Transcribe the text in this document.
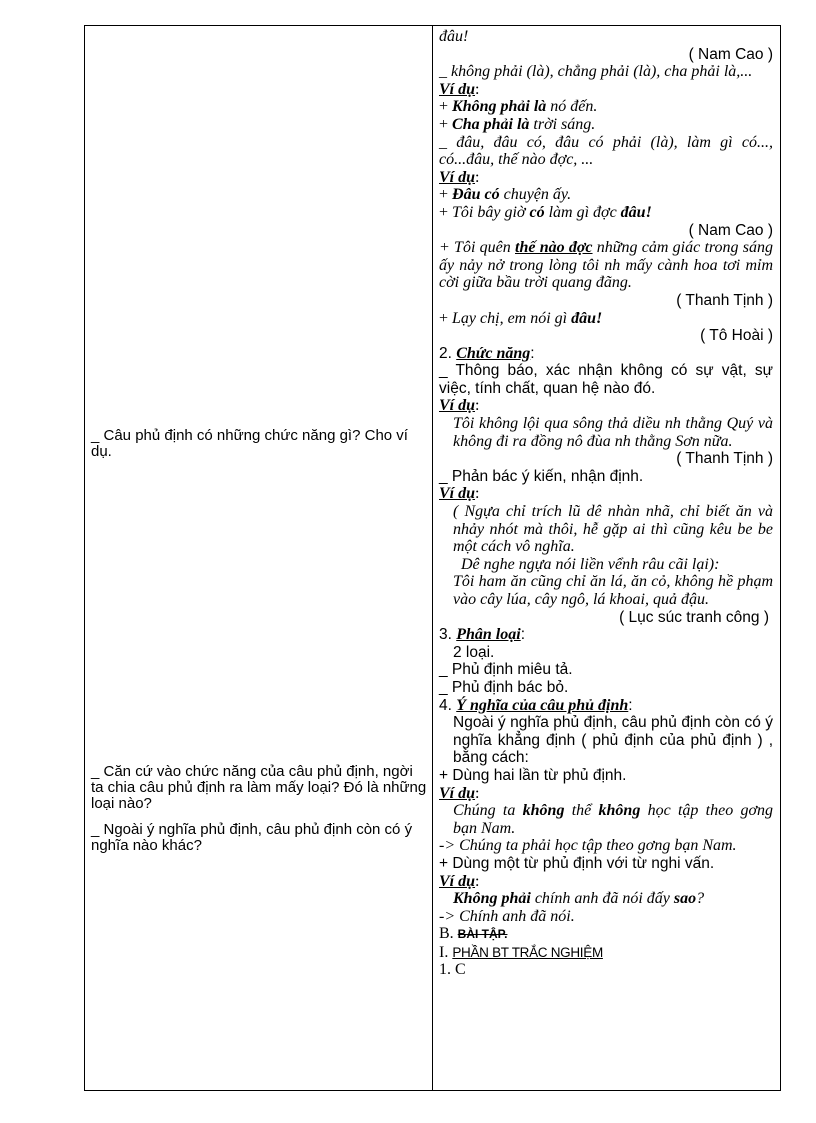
_ Câu phủ định có những chức năng gì? Cho ví dụ.
_ Căn cứ vào chức năng của câu phủ định, ngời ta chia câu phủ định ra làm mấy loại? Đó là những loại nào?
_ Ngoài ý nghĩa phủ định, câu phủ định còn có ý nghĩa nào khác?

đâu!

( Nam Cao )

_ không phải (là), chẳng phải (là), cha phải là,...

Ví dụ:

+ Không phải là nó đến.

+ Cha phải là trời sáng.

_ đâu, đâu có, đâu có phải (là), làm gì có..., có...đâu, thế nào đợc, ...

Ví dụ:

+ Đâu có chuyện ấy.

+ Tôi bây giờ có làm gì đợc đâu!

( Nam Cao )

+ Tôi quên thế nào đợc những cảm giác trong sáng ấy nảy nở trong lòng tôi nh mấy cành hoa tơi mỉm cời giữa bầu trời quang đãng.

( Thanh Tịnh )

+ Lạy chị, em nói gì đâu!

( Tô Hoài )

2. Chức năng:

_ Thông báo, xác nhận không có sự vật, sự việc, tính chất, quan hệ nào đó.

Ví dụ:

Tôi không lội qua sông thả diều nh thằng Quý và không đi ra đồng nô đùa nh thằng Sơn nữa.

( Thanh Tịnh )

_ Phản bác ý kiến, nhận định.

Ví dụ:

( Ngựa chỉ trích lũ dê nhàn nhã, chỉ biết ăn và nhảy nhót mà thôi, hễ gặp ai thì cũng kêu be be một cách vô nghĩa.

Dê nghe ngựa nói liền vểnh râu cãi lại):

Tôi ham ăn cũng chỉ ăn lá, ăn cỏ, không hề phạm vào cây lúa, cây ngô, lá khoai, quả đậu.

( Lục súc tranh công )

3. Phân loại:

2 loại.

_ Phủ định miêu tả.

_ Phủ định bác bỏ.

4. Ý nghĩa của câu phủ định:

Ngoài ý nghĩa phủ định, câu phủ định còn có ý nghĩa khẳng định ( phủ định của phủ định ) , bằng cách:

+ Dùng hai lần từ phủ định.

Ví dụ:

Chúng ta không thể không học tập theo gơng bạn Nam.

-> Chúng ta phải học tập theo gơng bạn Nam.

+ Dùng một từ phủ định với từ nghi vấn.

Ví dụ:

Không phải chính anh đã nói đấy sao?

-> Chính anh đã nói.

B. BÀI TẬP.

I. PHẦN BT TRẮC NGHIỆM

1. C
